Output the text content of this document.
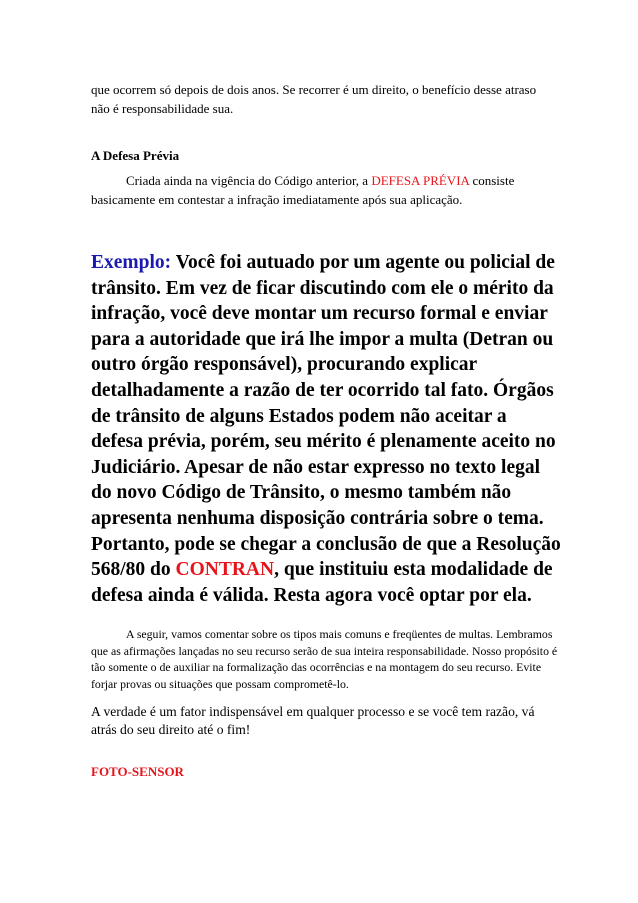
que ocorrem só depois de dois anos. Se recorrer é um direito, o benefício desse atraso não é responsabilidade sua.

A Defesa Prévia

Criada ainda na vigência do Código anterior, a DEFESA PRÉVIA consiste basicamente em contestar a infração imediatamente após sua aplicação.

Exemplo: Você foi autuado por um agente ou policial de trânsito. Em vez de ficar discutindo com ele o mérito da infração, você deve montar um recurso formal e enviar para a autoridade que irá lhe impor a multa (Detran ou outro órgão responsável), procurando explicar detalhadamente a razão de ter ocorrido tal fato. Órgãos de trânsito de alguns Estados podem não aceitar a defesa prévia, porém, seu mérito é plenamente aceito no Judiciário. Apesar de não estar expresso no texto legal do novo Código de Trânsito, o mesmo também não apresenta nenhuma disposição contrária sobre o tema. Portanto, pode se chegar a conclusão de que a Resolução 568/80 do CONTRAN, que instituiu esta modalidade de defesa ainda é válida. Resta agora você optar por ela.

A seguir, vamos comentar sobre os tipos mais comuns e freqüentes de multas. Lembramos que as afirmações lançadas no seu recurso serão de sua inteira responsabilidade. Nosso propósito é tão somente o de auxiliar na formalização das ocorrências e na montagem do seu recurso. Evite forjar provas ou situações que possam comprometê-lo.

A verdade é um fator indispensável em qualquer processo e se você tem razão, vá atrás do seu direito até o fim!

FOTO-SENSOR
